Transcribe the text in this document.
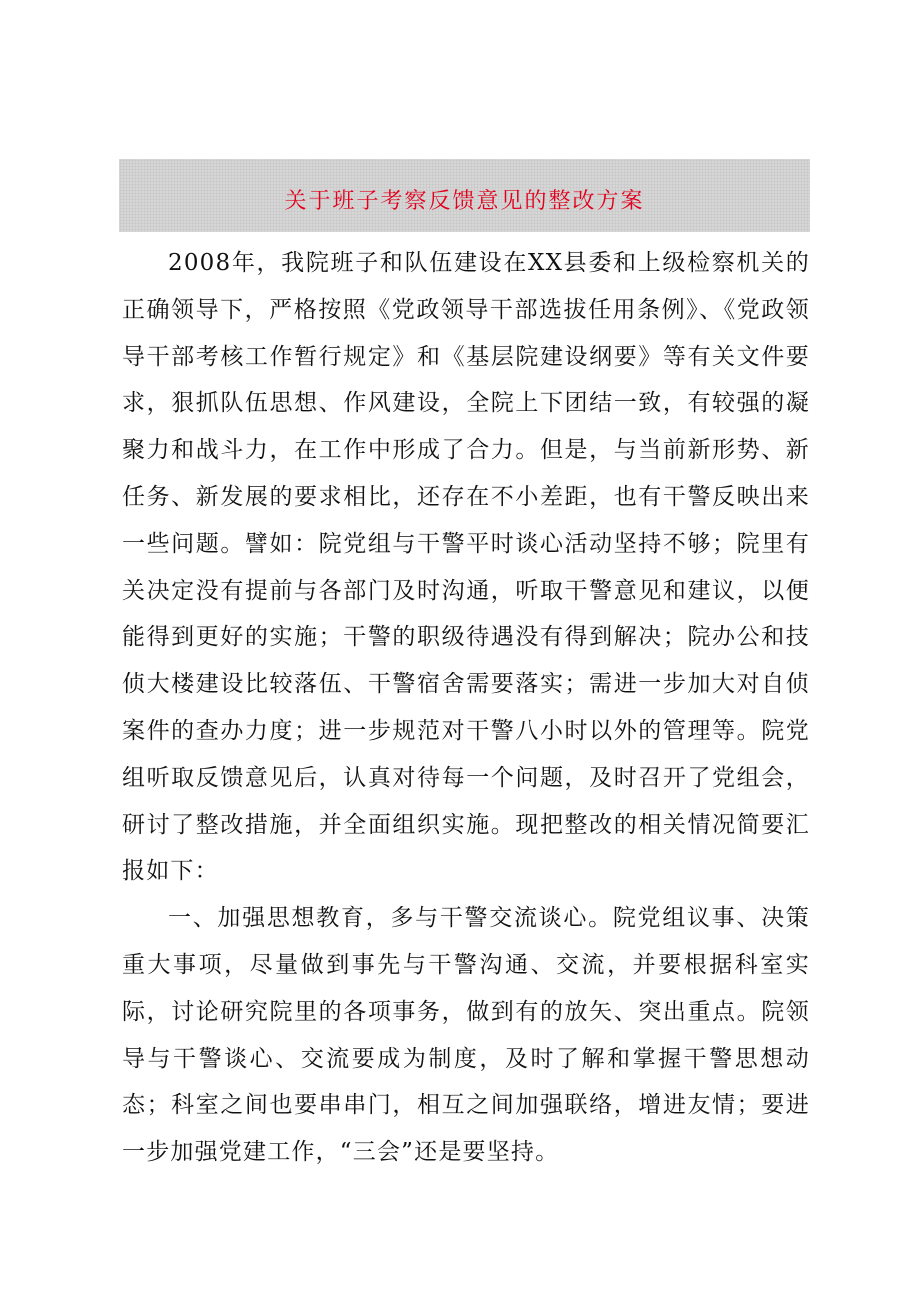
关于班子考察反馈意见的整改方案

2008年，我院班子和队伍建设在XX县委和上级检察机关的正确领导下，严格按照《党政领导干部选拔任用条例》、《党政领导干部考核工作暂行规定》和《基层院建设纲要》等有关文件要求，狠抓队伍思想、作风建设，全院上下团结一致，有较强的凝聚力和战斗力，在工作中形成了合力。但是，与当前新形势、新任务、新发展的要求相比，还存在不小差距，也有干警反映出来一些问题。譬如：院党组与干警平时谈心活动坚持不够；院里有关决定没有提前与各部门及时沟通，听取干警意见和建议，以便能得到更好的实施；干警的职级待遇没有得到解决；院办公和技侦大楼建设比较落伍、干警宿舍需要落实；需进一步加大对自侦案件的查办力度；进一步规范对干警八小时以外的管理等。院党组听取反馈意见后，认真对待每一个问题，及时召开了党组会，研讨了整改措施，并全面组织实施。现把整改的相关情况简要汇报如下：

一、加强思想教育，多与干警交流谈心。院党组议事、决策重大事项，尽量做到事先与干警沟通、交流，并要根据科室实际，讨论研究院里的各项事务，做到有的放矢、突出重点。院领导与干警谈心、交流要成为制度，及时了解和掌握干警思想动态；科室之间也要串串门，相互之间加强联络，增进友情；要进一步加强党建工作，“三会”还是要坚持。
